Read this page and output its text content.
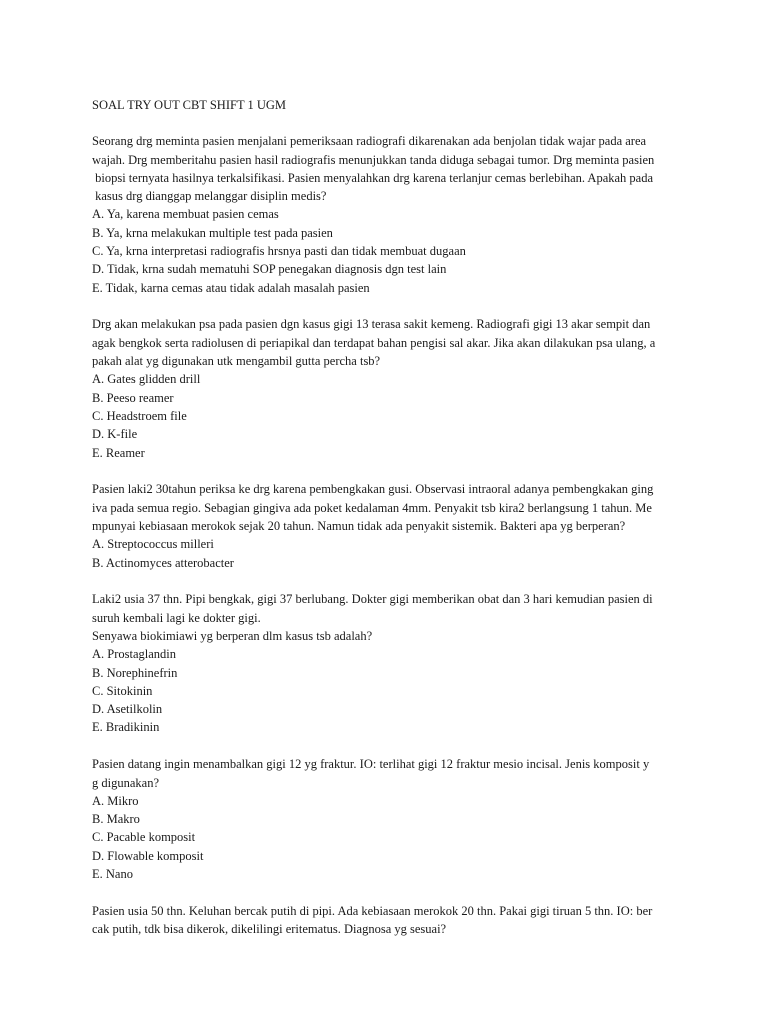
SOAL TRY OUT CBT SHIFT 1 UGM
Seorang drg meminta pasien menjalani pemeriksaan radiografi dikarenakan ada benjolan tidak wajar pada area
wajah. Drg memberitahu pasien hasil radiografis menunjukkan tanda diduga sebagai tumor. Drg meminta pasien
biopsi ternyata hasilnya terkalsifikasi. Pasien menyalahkan drg karena terlanjur cemas berlebihan. Apakah pada
kasus drg dianggap melanggar disiplin medis?
A. Ya, karena membuat pasien cemas
B. Ya, krna melakukan multiple test pada pasien
C. Ya, krna interpretasi radiografis hrsnya pasti dan tidak membuat dugaan
D. Tidak, krna sudah mematuhi SOP penegakan diagnosis dgn test lain
E. Tidak, karna cemas atau tidak adalah masalah pasien
Drg akan melakukan psa pada pasien dgn kasus gigi 13 terasa sakit kemeng. Radiografi gigi 13 akar sempit dan
agak bengkok serta radiolusen di periapikal dan terdapat bahan pengisi sal akar. Jika akan dilakukan psa ulang, a
pakah alat yg digunakan utk mengambil gutta percha tsb?
A. Gates glidden drill
B. Peeso reamer
C. Headstroem file
D. K-file
E. Reamer
Pasien laki2 30tahun periksa ke drg karena pembengkakan gusi. Observasi intraoral adanya pembengkakan ging
iva pada semua regio. Sebagian gingiva ada poket kedalaman 4mm. Penyakit tsb kira2 berlangsung 1 tahun. Me
mpunyai kebiasaan merokok sejak 20 tahun. Namun tidak ada penyakit sistemik. Bakteri apa yg berperan?
A. Streptococcus milleri
B. Actinomyces atterobacter
Laki2 usia 37 thn. Pipi bengkak, gigi 37 berlubang. Dokter gigi memberikan obat dan 3 hari kemudian pasien di
suruh kembali lagi ke dokter gigi.
Senyawa biokimiawi yg berperan dlm kasus tsb adalah?
A. Prostaglandin
B. Norephinefrin
C. Sitokinin
D. Asetilkolin
E. Bradikinin
Pasien datang ingin menambalkan gigi 12 yg fraktur. IO: terlihat gigi 12 fraktur mesio incisal. Jenis komposit y
g digunakan?
A. Mikro
B. Makro
C. Pacable komposit
D. Flowable komposit
E. Nano
Pasien usia 50 thn. Keluhan bercak putih di pipi. Ada kebiasaan merokok 20 thn. Pakai gigi tiruan 5 thn. IO: ber
cak putih, tdk bisa dikerok, dikelilingi eritematus. Diagnosa yg sesuai?
